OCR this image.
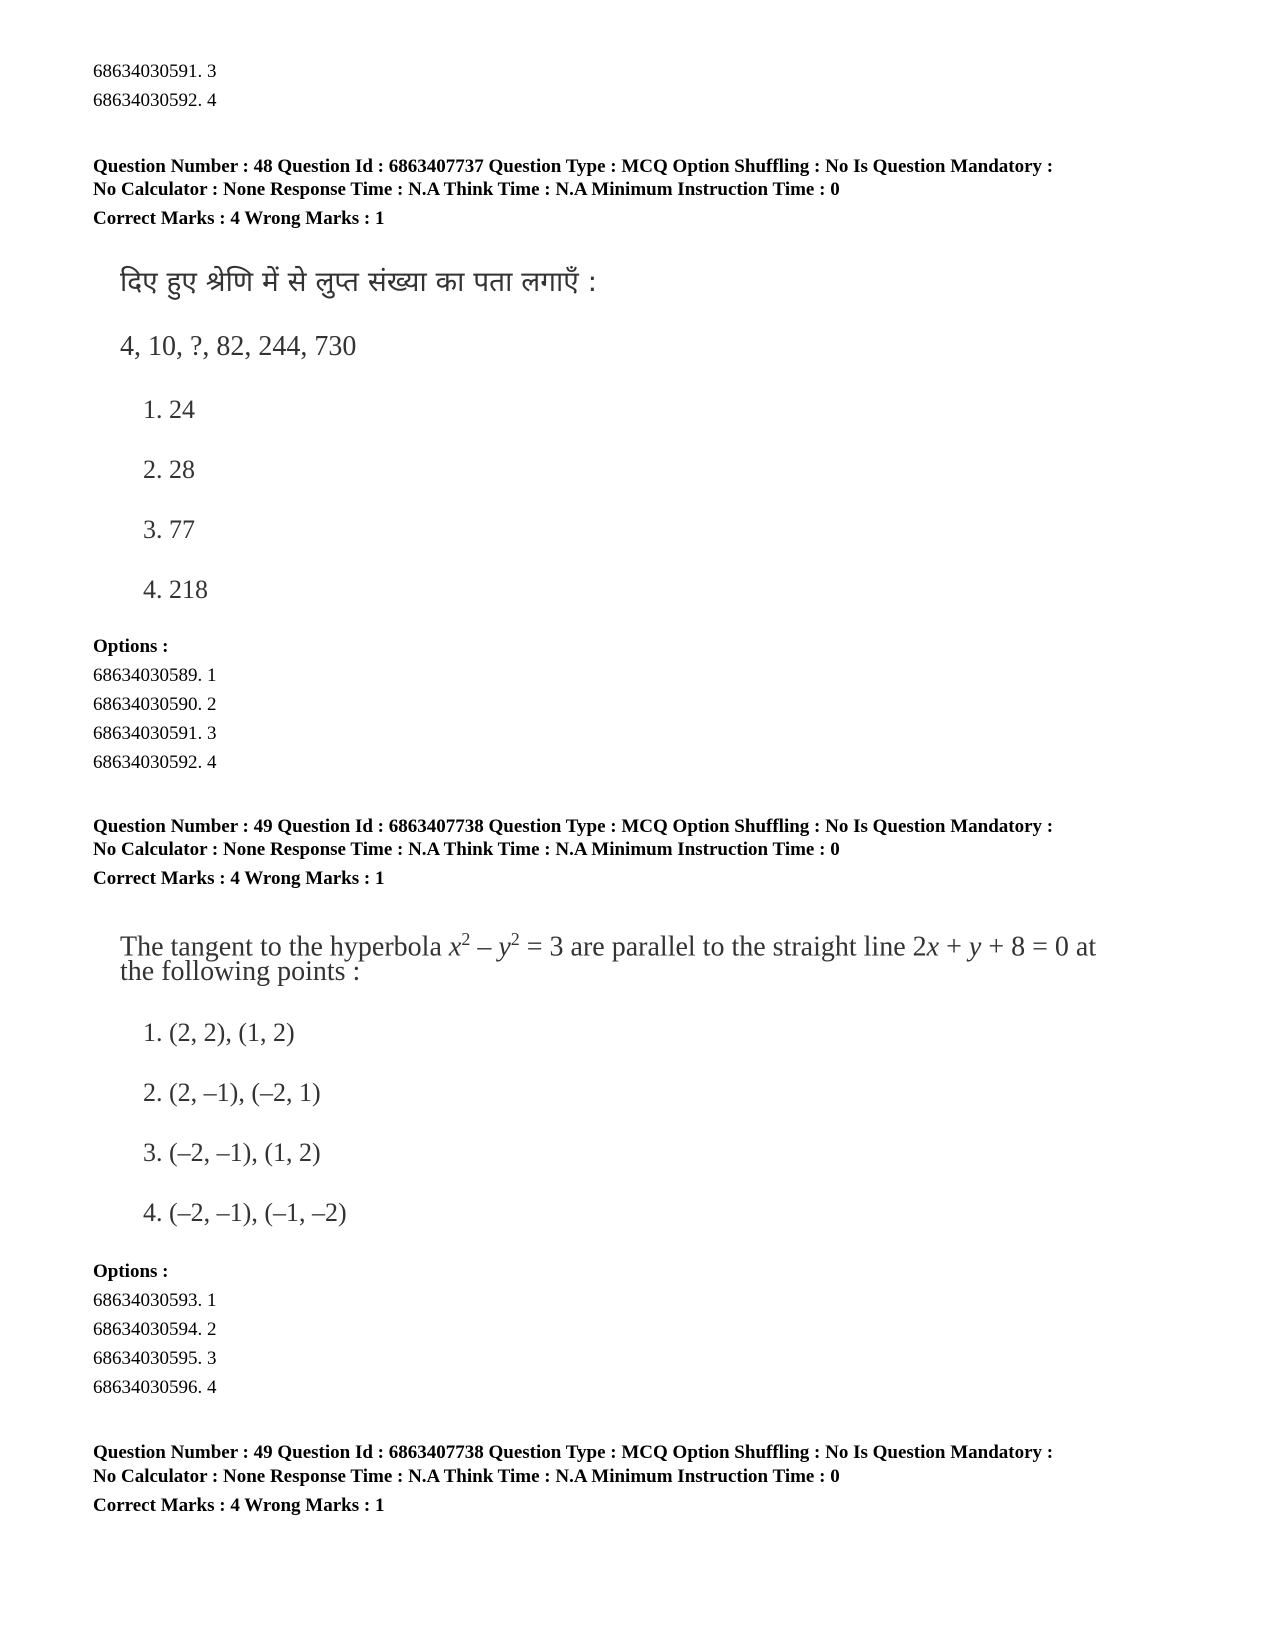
68634030591. 3
68634030592. 4
Question Number : 48 Question Id : 6863407737 Question Type : MCQ Option Shuffling : No Is Question Mandatory :
No Calculator : None Response Time : N.A Think Time : N.A Minimum Instruction Time : 0
Correct Marks : 4 Wrong Marks : 1
दिए हुए श्रेणि में से लुप्त संख्या का पता लगाएँ :
4, 10, ?, 82, 244, 730
1. 24
2. 28
3. 77
4. 218
Options :
68634030589. 1
68634030590. 2
68634030591. 3
68634030592. 4
Question Number : 49 Question Id : 6863407738 Question Type : MCQ Option Shuffling : No Is Question Mandatory :
No Calculator : None Response Time : N.A Think Time : N.A Minimum Instruction Time : 0
Correct Marks : 4 Wrong Marks : 1
The tangent to the hyperbola $x^2 - y^2 = 3$ are parallel to the straight line 2x + y + 8 = 0 at
the following points :
1. (2, 2), (1, 2)
2. (2, –1), (–2, 1)
3. (–2, –1), (1, 2)
4. (–2, –1), (–1, –2)
Options :
68634030593. 1
68634030594. 2
68634030595. 3
68634030596. 4
Question Number : 49 Question Id : 6863407738 Question Type : MCQ Option Shuffling : No Is Question Mandatory :
No Calculator : None Response Time : N.A Think Time : N.A Minimum Instruction Time : 0
Correct Marks : 4 Wrong Marks : 1
